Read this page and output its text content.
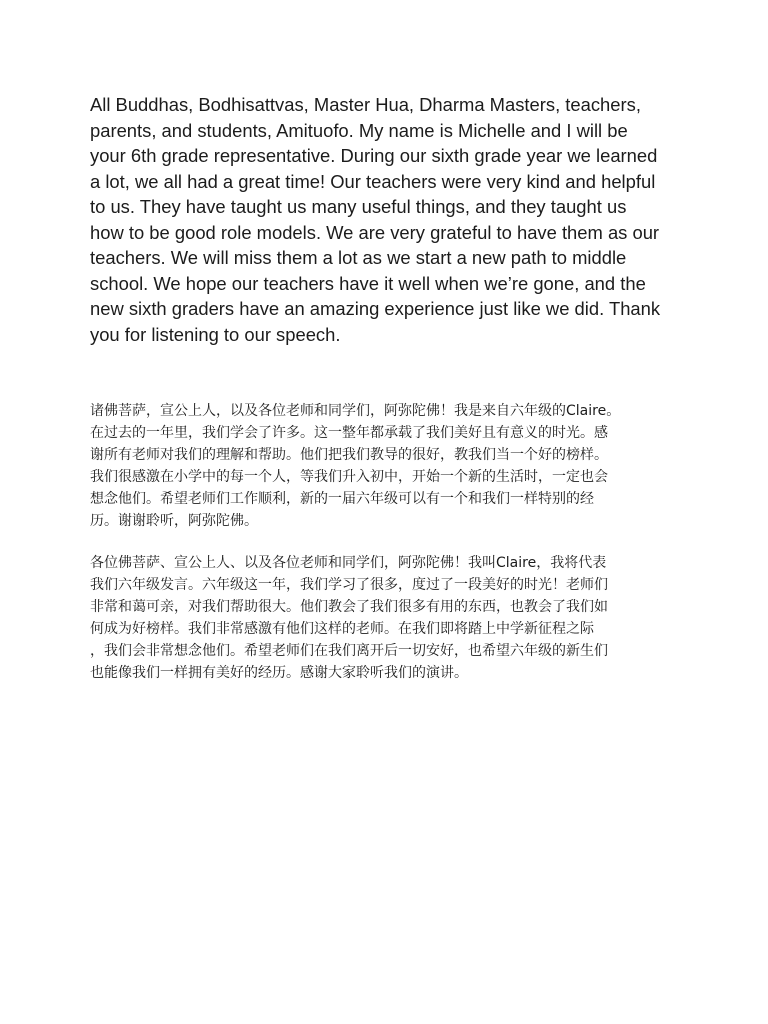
All Buddhas, Bodhisattvas, Master Hua, Dharma Masters, teachers,
parents, and students, Amituofo. My name is Michelle and I will be
your 6th grade representative. During our sixth grade year we learned
a lot, we all had a great time! Our teachers were very kind and helpful
to us. They have taught us many useful things, and they taught us
how to be good role models. We are very grateful to have them as our
teachers. We will miss them a lot as we start a new path to middle
school. We hope our teachers have it well when we’re gone, and the
new sixth graders have an amazing experience just like we did. Thank
you for listening to our speech.

诸佛菩萨，宣公上人，以及各位老师和同学们，阿弥陀佛！我是来自六年级的Claire。
在过去的一年里，我们学会了许多。这一整年都承载了我们美好且有意义的时光。感
谢所有老师对我们的理解和帮助。他们把我们教导的很好，教我们当一个好的榜样。
我们很感激在小学中的每一个人，等我们升入初中，开始一个新的生活时，一定也会
想念他们。希望老师们工作顺利，新的一届六年级可以有一个和我们一样特别的经
历。谢谢聆听，阿弥陀佛。

各位佛菩萨、宣公上人、以及各位老师和同学们，阿弥陀佛！我叫Claire，我将代表
我们六年级发言。六年级这一年，我们学习了很多，度过了一段美好的时光！老师们
非常和蔼可亲，对我们帮助很大。他们教会了我们很多有用的东西，也教会了我们如
何成为好榜样。我们非常感激有他们这样的老师。在我们即将踏上中学新征程之际
，我们会非常想念他们。希望老师们在我们离开后一切安好，也希望六年级的新生们
也能像我们一样拥有美好的经历。感谢大家聆听我们的演讲。
